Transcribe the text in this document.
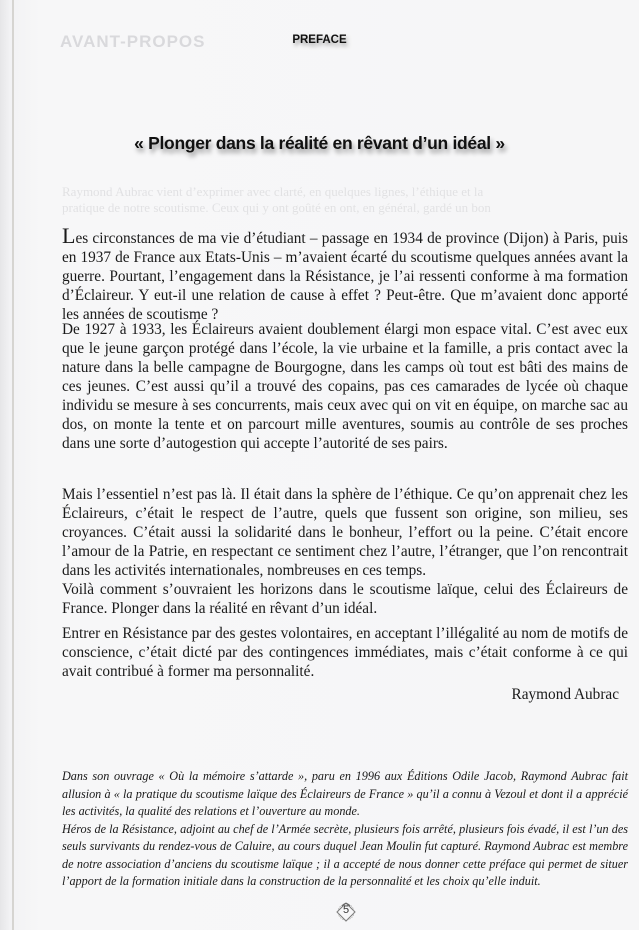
AVANT-PROPOS
Raymond Aubrac vient d’exprimer avec clarté, en quelques lignes, l’éthique et la
pratique de notre scoutisme. Ceux qui y ont goûté en ont, en général, gardé un bon
PREFACE
« Plonger dans la réalité en rêvant d’un idéal »

Les circonstances de ma vie d’étudiant – passage en 1934 de province (Dijon) à Paris, puis en 1937 de France aux Etats-Unis – m’avaient écarté du scoutisme quelques années avant la guerre. Pourtant, l’engagement dans la Résistance, je l’ai ressenti conforme à ma formation d’Éclaireur. Y eut-il une relation de cause à effet ? Peut-être. Que m’avaient donc apporté les années de scoutisme ?

De 1927 à 1933, les Éclaireurs avaient doublement élargi mon espace vital. C’est avec eux que le jeune garçon protégé dans l’école, la vie urbaine et la famille, a pris contact avec la nature dans la belle campagne de Bourgogne, dans les camps où tout est bâti des mains de ces jeunes. C’est aussi qu’il a trouvé des copains, pas ces camarades de lycée où chaque individu se mesure à ses concurrents, mais ceux avec qui on vit en équipe, on marche sac au dos, on monte la tente et on parcourt mille aventures, soumis au contrôle de ses proches dans une sorte d’autogestion qui accepte l’autorité de ses pairs.

Mais l’essentiel n’est pas là. Il était dans la sphère de l’éthique. Ce qu’on apprenait chez les Éclaireurs, c’était le respect de l’autre, quels que fussent son origine, son milieu, ses croyances. C’était aussi la solidarité dans le bonheur, l’effort ou la peine. C’était encore l’amour de la Patrie, en respectant ce sentiment chez l’autre, l’étranger, que l’on rencontrait dans les activités internationales, nombreuses en ces temps.

Voilà comment s’ouvraient les horizons dans le scoutisme laïque, celui des Éclaireurs de France. Plonger dans la réalité en rêvant d’un idéal.

Entrer en Résistance par des gestes volontaires, en acceptant l’illégalité au nom de motifs de conscience, c’était dicté par des contingences immédiates, mais c’était conforme à ce qui avait contribué à former ma personnalité.

Raymond Aubrac

Dans son ouvrage « Où la mémoire s’attarde », paru en 1996 aux Éditions Odile Jacob, Raymond Aubrac fait allusion à « la pratique du scoutisme laïque des Éclaireurs de France » qu’il a connu à Vezoul et dont il a apprécié les activités, la qualité des relations et l’ouverture au monde.

Héros de la Résistance, adjoint au chef de l’Armée secrète, plusieurs fois arrêté, plusieurs fois évadé, il est l’un des seuls survivants du rendez-vous de Caluire, au cours duquel Jean Moulin fut capturé. Raymond Aubrac est membre de notre association d’anciens du scoutisme laïque ; il a accepté de nous donner cette préface qui permet de situer l’apport de la formation initiale dans la construction de la personnalité et les choix qu’elle induit.

5
